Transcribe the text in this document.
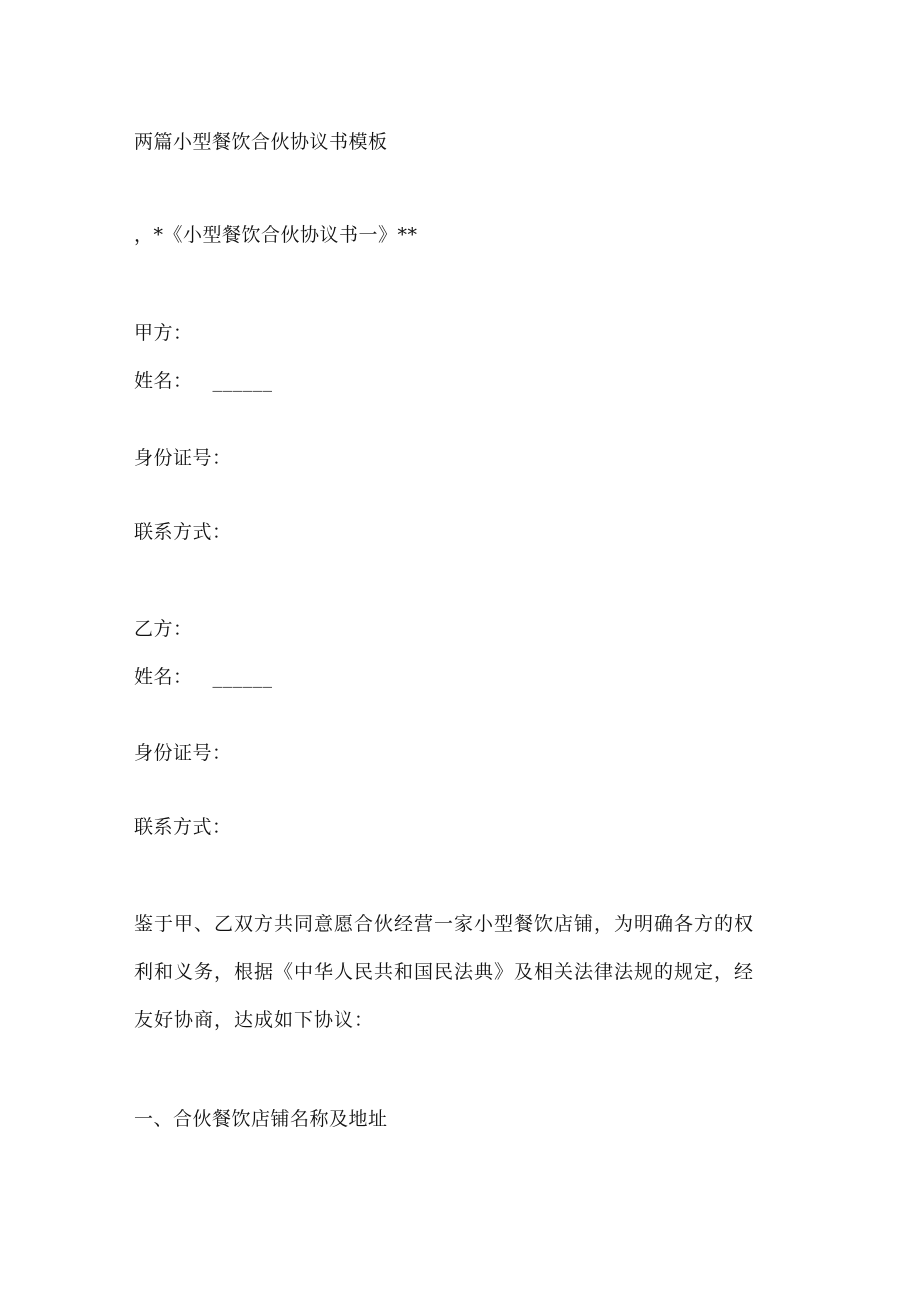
两篇小型餐饮合伙协议书模板
，*《小型餐饮合伙协议书一》**
甲方：
姓名： ______
身份证号：
联系方式：
乙方：
姓名： ______
身份证号：
联系方式：
鉴于甲、乙双方共同意愿合伙经营一家小型餐饮店铺，为明确各方的权
利和义务，根据《中华人民共和国民法典》及相关法律法规的规定，经
友好协商，达成如下协议：
一、合伙餐饮店铺名称及地址
